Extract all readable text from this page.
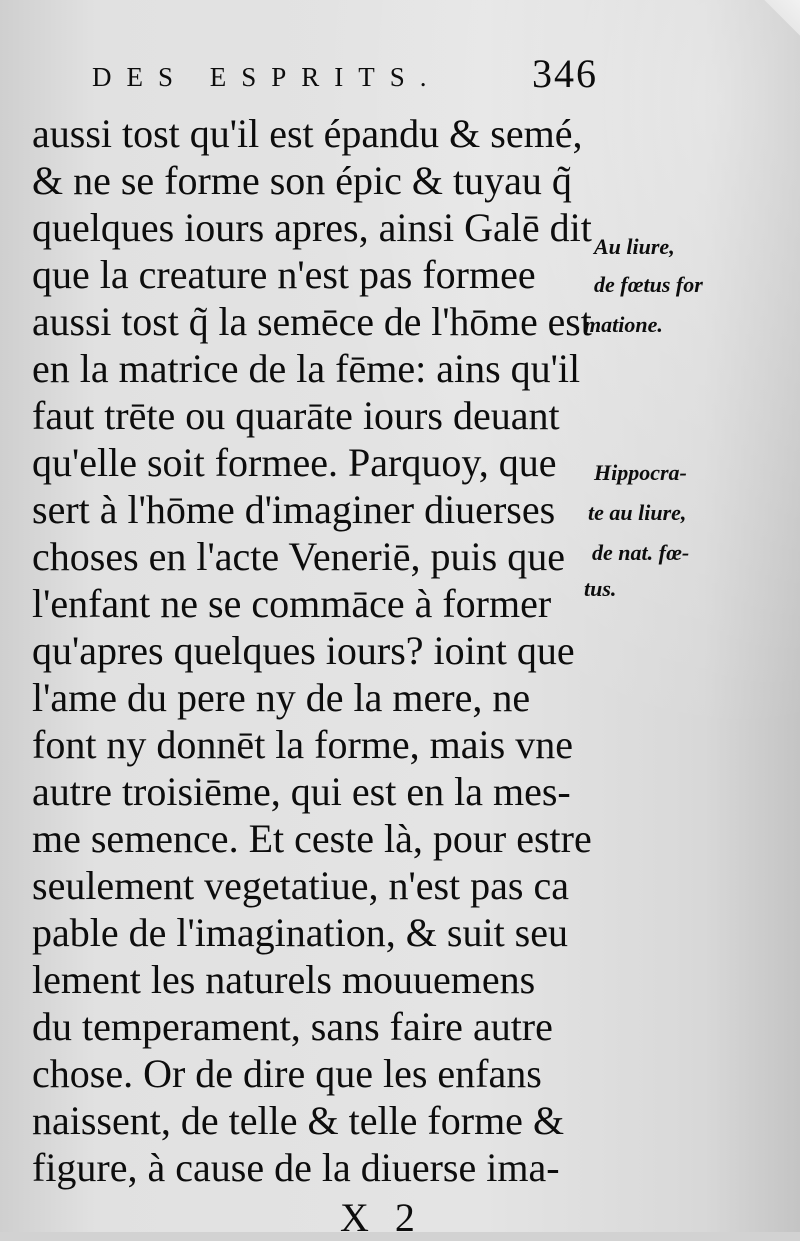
DES ESPRITS. 346
aussi tost qu'il est épandu & semé,
& ne se forme son épic & tuyau q̃
quelques iours apres, ainsi Galē dit
que la creature n'est pas formee
aussi tost q̃ la semēce de l'hōme est
en la matrice de la fēme: ains qu'il
faut trēte ou quarāte iours deuant
qu'elle soit formee. Parquoy, que
sert à l'hōme d'imaginer diuerses
choses en l'acte Veneriē, puis que
l'enfant ne se commāce à former
qu'apres quelques iours? ioint que
l'ame du pere ny de la mere, ne
font ny donnēt la forme, mais vne
autre troisiēme, qui est en la mes-
me semence. Et ceste là, pour estre
seulement vegetatiue, n'est pas ca
pable de l'imagination, & suit seu
lement les naturels mouuemens
du temperament, sans faire autre
chose. Or de dire que les enfans
naissent, de telle & telle forme &
figure, à cause de la diuerse ima-
Au liure,
de fœtus for
matione.
Hippocra-
te au liure,
de nat. fœ-
tus.
X 2
